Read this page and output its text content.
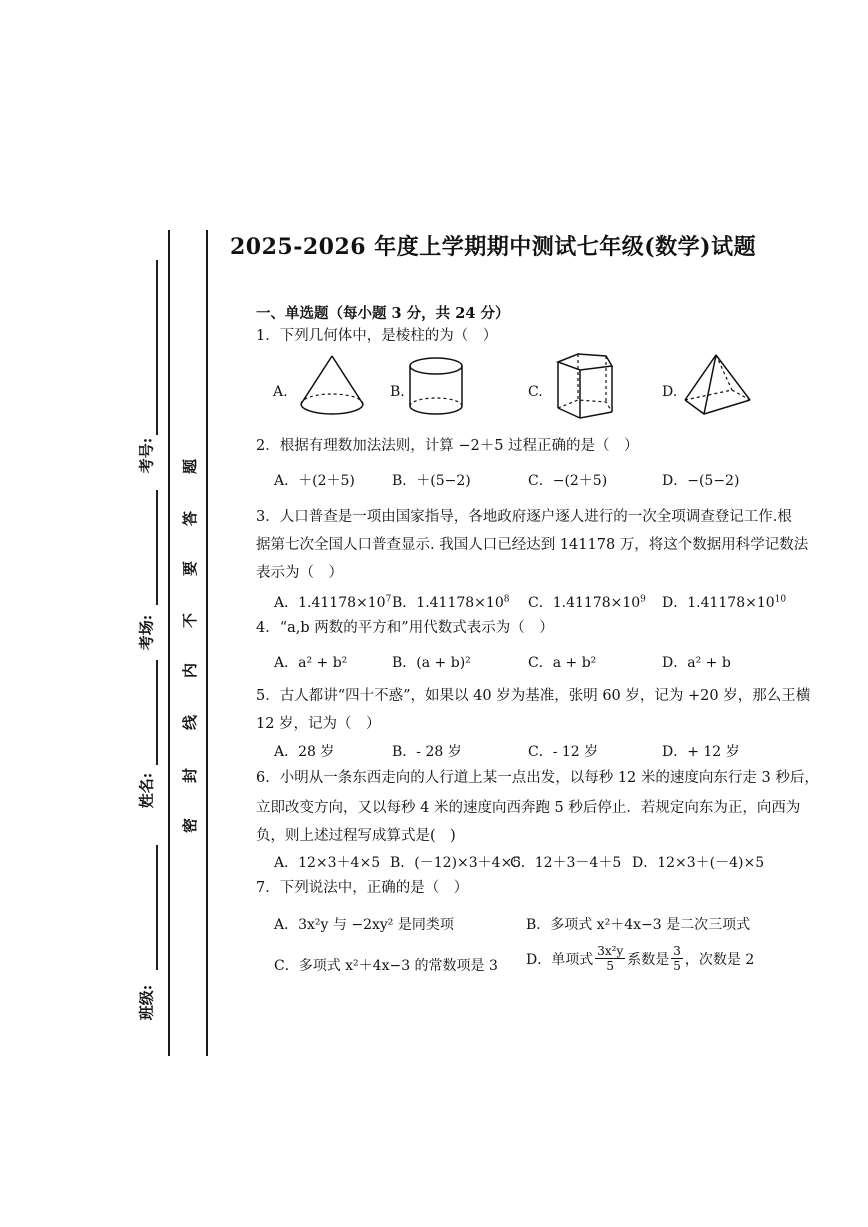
考号:
考场:
姓名:
班级:
题
答
要
不
内
线
封
密
2025-2026 年度上学期期中测试七年级(数学)试题
一、单选题（每小题 3 分，共 24 分）
1．下列几何体中，是棱柱的为（　）
A.	B.	C.	D.
2．根据有理数加法法则，计算 −2＋5 过程正确的是（　）
A．＋(2＋5)	B．＋(5−2)	C．−(2＋5)	D．−(5−2)
3．人口普查是一项由国家指导，各地政府逐户逐人进行的一次全项调查登记工作.根
据第七次全国人口普查显示. 我国人口已经达到 141178 万，将这个数据用科学记数法
表示为（　）
A．$1.41178\times 10^7$ B．$1.41178\times 10^8$ C．$1.41178\times 10^9$ D．$1.41178\times 10^{10}$
4．“a,b 两数的平方和”用代数式表示为（　）
A．a² + b²	B．(a + b)²	C．a + b²	D．a² + b
5．古人都讲“四十不惑”，如果以 40 岁为基准，张明 60 岁，记为 +20 岁，那么王横
12 岁，记为（　）
A．28 岁	B．- 28 岁	C．- 12 岁	D．+ 12 岁
6．小明从一条东西走向的人行道上某一点出发，以每秒 12 米的速度向东行走 3 秒后，
立即改变方向，又以每秒 4 米的速度向西奔跑 5 秒后停止．若规定向东为正，向西为
负，则上述过程写成算式是(　)
A．12×3＋4×5 B．(－12)×3＋4×5
C．12＋3－4＋5 D．12×3＋(－4)×5
7．下列说法中，正确的是（　）
A．3x²y 与 −2xy² 是同类项	B．多项式 x²＋4x−3 是二次三项式
C．多项式 x²＋4x−3 的常数项是 3 D．单项式 $\frac{\text{3x²y}}{5}$ 系数是 $\frac{3}{5}$ ，次数是 2
